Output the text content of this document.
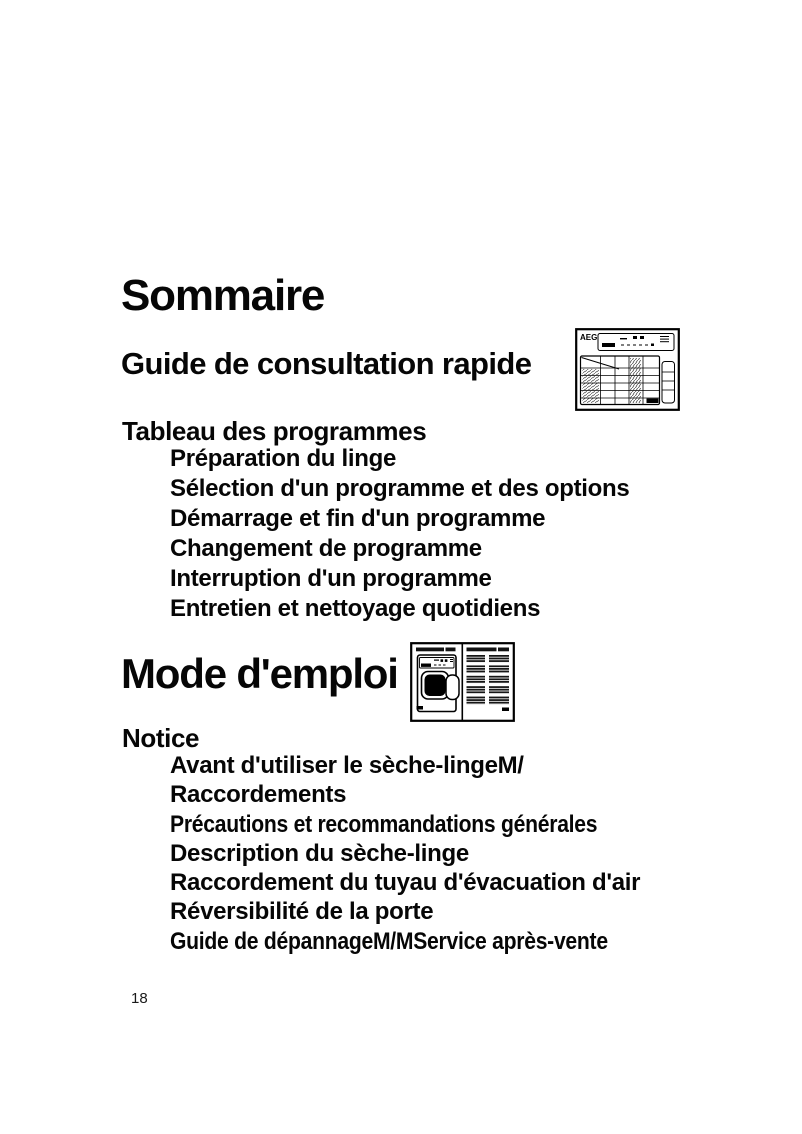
Sommaire
Guide de consultation rapide
AEG
Tableau des programmes
Préparation du linge
Sélection d'un programme et des options
Démarrage et fin d'un programme
Changement de programme
Interruption d'un programme
Entretien et nettoyage quotidiens
Mode d'emploi
Notice
Avant d'utiliser le sèche-lingeM/
Raccordements
Précautions et recommandations générales
Description du sèche-linge
Raccordement du tuyau d'évacuation d'air
Réversibilité de la porte
Guide de dépannageM/MService après-vente
18
